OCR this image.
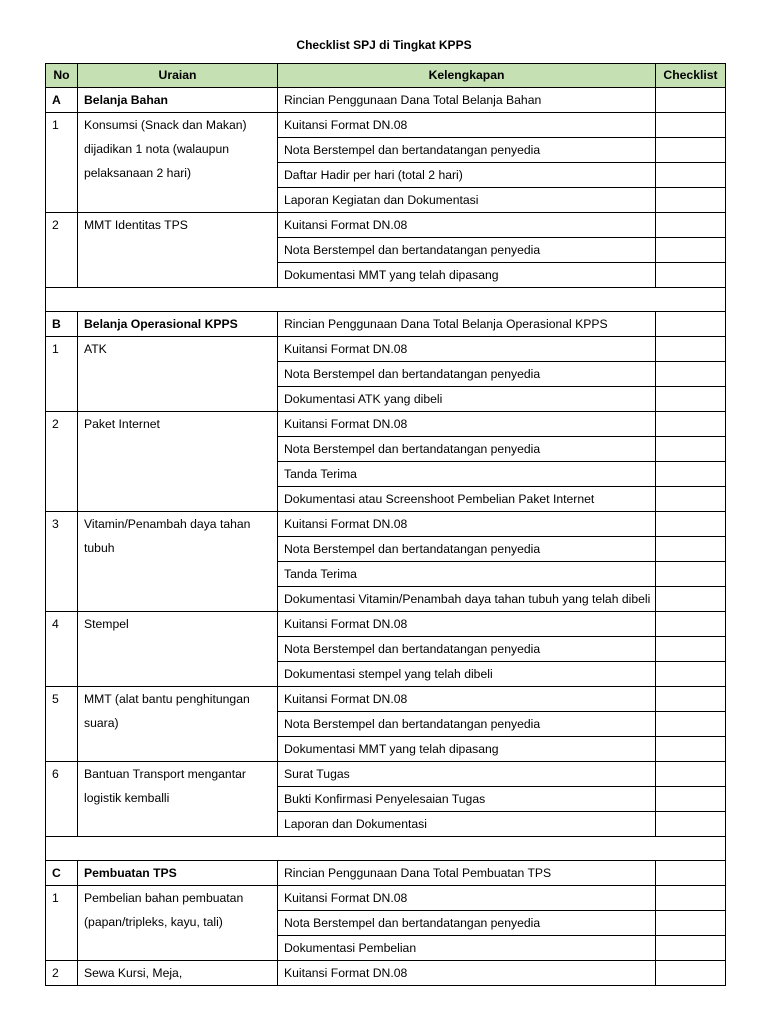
Checklist SPJ di Tingkat KPPS
No	Uraian	Kelengkapan	Checklist
A	Belanja Bahan	Rincian Penggunaan Dana Total Belanja Bahan	
1	Konsumsi (Snack dan Makan) dijadikan 1 nota (walaupun pelaksanaan 2 hari)	Kuitansi Format DN.08	
		Nota Berstempel dan bertandatangan penyedia	
		Daftar Hadir per hari (total 2 hari)	
		Laporan Kegiatan dan Dokumentasi	
2	MMT Identitas TPS	Kuitansi Format DN.08	
		Nota Berstempel dan bertandatangan penyedia	
		Dokumentasi MMT yang telah dipasang	

B	Belanja Operasional KPPS	Rincian Penggunaan Dana Total Belanja Operasional KPPS	
1	ATK	Kuitansi Format DN.08	
		Nota Berstempel dan bertandatangan penyedia	
		Dokumentasi ATK yang dibeli	
2	Paket Internet	Kuitansi Format DN.08	
		Nota Berstempel dan bertandatangan penyedia	
		Tanda Terima	
		Dokumentasi atau Screenshoot Pembelian Paket Internet	
3	Vitamin/Penambah daya tahan tubuh	Kuitansi Format DN.08	
		Nota Berstempel dan bertandatangan penyedia	
		Tanda Terima	
		Dokumentasi Vitamin/Penambah daya tahan tubuh yang telah dibeli	
4	Stempel	Kuitansi Format DN.08	
		Nota Berstempel dan bertandatangan penyedia	
		Dokumentasi stempel yang telah dibeli	
5	MMT (alat bantu penghitungan suara)	Kuitansi Format DN.08	
		Nota Berstempel dan bertandatangan penyedia	
		Dokumentasi MMT yang telah dipasang	
6	Bantuan Transport mengantar logistik kemballi	Surat Tugas	
		Bukti Konfirmasi Penyelesaian Tugas	
		Laporan dan Dokumentasi	

C	Pembuatan TPS	Rincian Penggunaan Dana Total Pembuatan TPS	
1	Pembelian bahan pembuatan (papan/tripleks, kayu, tali)	Kuitansi Format DN.08	
		Nota Berstempel dan bertandatangan penyedia	
		Dokumentasi Pembelian	
2	Sewa Kursi, Meja,	Kuitansi Format DN.08	
